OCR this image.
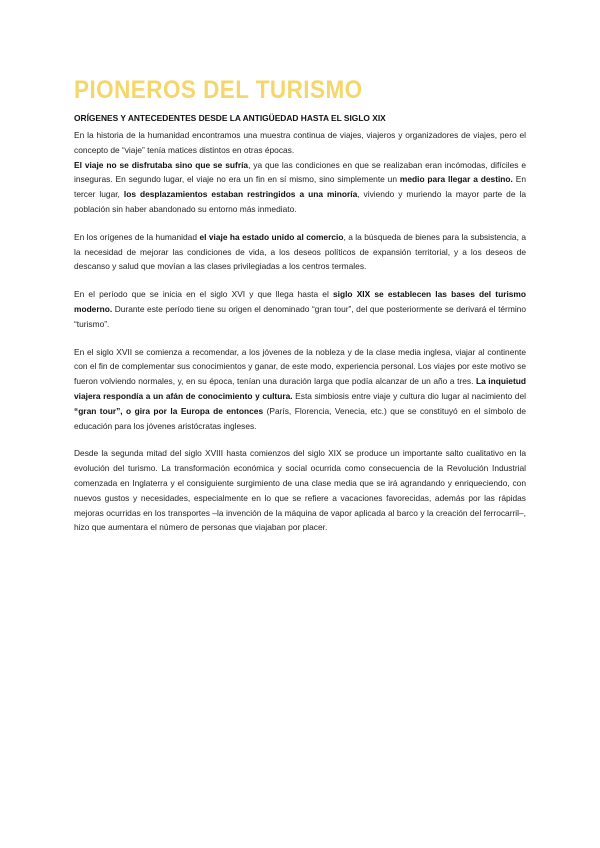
PIONEROS DEL TURISMO
ORÍGENES Y ANTECEDENTES DESDE LA ANTIGÜEDAD HASTA EL SIGLO XIX

En la historia de la humanidad encontramos una muestra continua de viajes, viajeros y organizadores de viajes, pero el concepto de “viaje” tenía matices distintos en otras épocas.

El viaje no se disfrutaba sino que se sufría, ya que las condiciones en que se realizaban eran incómodas, difíciles e inseguras. En segundo lugar, el viaje no era un fin en sí mismo, sino simplemente un medio para llegar a destino. En tercer lugar, los desplazamientos estaban restringidos a una minoría, viviendo y muriendo la mayor parte de la población sin haber abandonado su entorno más inmediato.

En los orígenes de la humanidad el viaje ha estado unido al comercio, a la búsqueda de bienes para la subsistencia, a la necesidad de mejorar las condiciones de vida, a los deseos políticos de expansión territorial, y a los deseos de descanso y salud que movían a las clases privilegiadas a los centros termales.

En el período que se inicia en el siglo XVI y que llega hasta el siglo XIX se establecen las bases del turismo moderno. Durante este período tiene su origen el denominado “gran tour”, del que posteriormente se derivará el término “turismo”.

En el siglo XVII se comienza a recomendar, a los jóvenes de la nobleza y de la clase media inglesa, viajar al continente con el fin de complementar sus conocimientos y ganar, de este modo, experiencia personal. Los viajes por este motivo se fueron volviendo normales, y, en su época, tenían una duración larga que podía alcanzar de un año a tres. La inquietud viajera respondía a un afán de conocimiento y cultura. Esta simbiosis entre viaje y cultura dio lugar al nacimiento del “gran tour”, o gira por la Europa de entonces (París, Florencia, Venecia, etc.) que se constituyó en el símbolo de educación para los jóvenes aristócratas ingleses.

Desde la segunda mitad del siglo XVIII hasta comienzos del siglo XIX se produce un importante salto cualitativo en la evolución del turismo. La transformación económica y social ocurrida como consecuencia de la Revolución Industrial comenzada en Inglaterra y el consiguiente surgimiento de una clase media que se irá agrandando y enriqueciendo, con nuevos gustos y necesidades, especialmente en lo que se refiere a vacaciones favorecidas, además por las rápidas mejoras ocurridas en los transportes –la invención de la máquina de vapor aplicada al barco y la creación del ferrocarril–, hizo que aumentara el número de personas que viajaban por placer.
